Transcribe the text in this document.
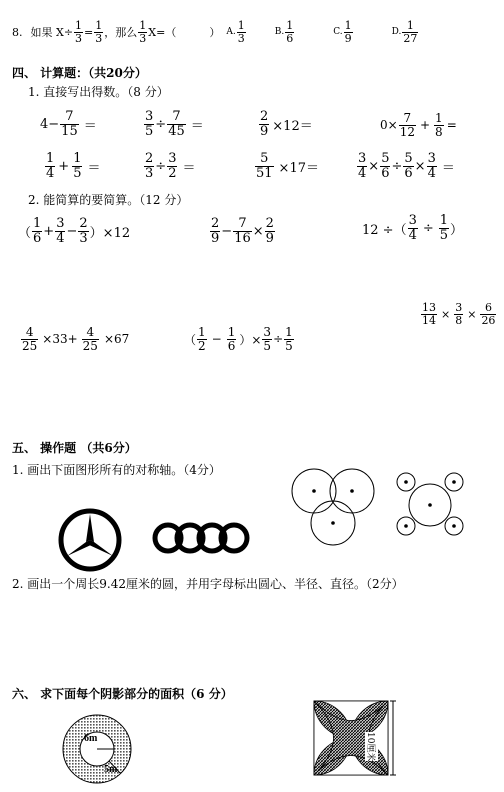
8. 如果 $X\div \frac{1}{3} = \frac{1}{3}$ ，那么 $\frac{1}{3} X=$（　　　） A. $\frac{1}{3}$	B. $\frac{1}{6}$	C. $\frac{1}{9}$	D. $\frac{1}{27}$
四、 计算题：（共20分）
1. 直接写出得数。（8 分）
$4- \frac{7}{15}$ ＝	$\frac{3}{5} \div \frac{7}{45}$ ＝	$\frac{2}{9} \times 12=$	$0\times \frac{7}{12} + \frac{1}{8}$ =
$\frac{1}{4} + \frac{1}{5}$ ＝	$\frac{2}{3} \div \frac{3}{2}$ ＝	$\frac{5}{51} \times 17=$	$\frac{3}{4} \times \frac{5}{6} \div \frac{5}{6} \times \frac{3}{4}$ ＝
2. 能简算的要简算。（12 分）
（ $\frac{1}{6} + \frac{3}{4} - \frac{2}{3} )\times 12$	$\frac{2}{9} - \frac{7}{16} \times \frac{2}{9}$	12 ÷（ $\frac{3}{4} \div \frac{1}{5}$ ）
$\frac{13}{14} \times \frac{3}{8} \times \frac{6}{26}$
$\frac{4}{25} \times 33+ \frac{4}{25} \times 67$	（ $\frac{1}{2} - \frac{1}{6}$ ）× $\frac{3}{5} \div \frac{1}{5}$
五、 操作题 （共6分）
1. 画出下面图形所有的对称轴。（4分）
2. 画出一个周长9.42厘米的圆，并用字母标出圆心、半径、直径。（2分）
六、 求下面每个阴影部分的面积（6 分）
6m
5m
10厘米
